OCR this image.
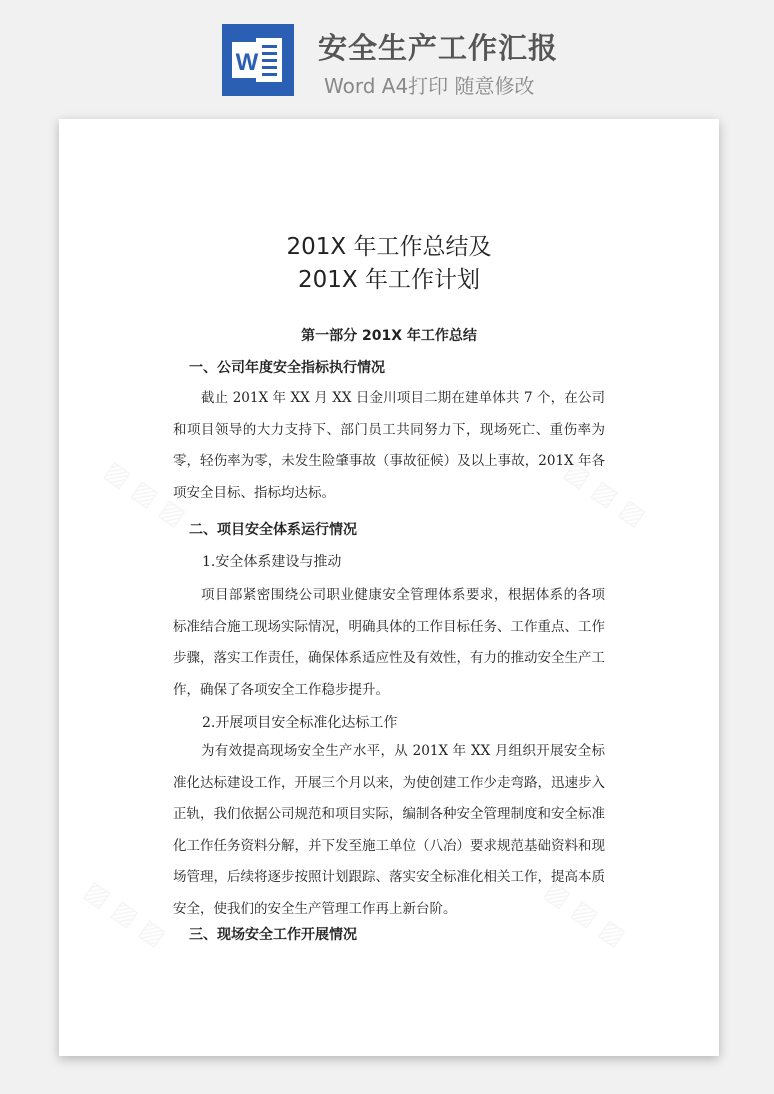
W 安全生产工作汇报
Word A4打印 随意修改
▨ ▨ ▨	▨ ▨ ▨
▨ ▨ ▨	▨ ▨ ▨
201X 年工作总结及
201X 年工作计划
第一部分 201X 年工作总结
一、公司年度安全指标执行情况
截止 201X 年 XX 月 XX 日金川项目二期在建单体共 7 个，在公司和项目领导的大力支持下、部门员工共同努力下，现场死亡、重伤率为零，轻伤率为零，未发生险肇事故（事故征候）及以上事故，201X 年各项安全目标、指标均达标。
二、项目安全体系运行情况
1.安全体系建设与推动
项目部紧密围绕公司职业健康安全管理体系要求，根据体系的各项标准结合施工现场实际情况，明确具体的工作目标任务、工作重点、工作步骤，落实工作责任，确保体系适应性及有效性，有力的推动安全生产工作，确保了各项安全工作稳步提升。
2.开展项目安全标准化达标工作
为有效提高现场安全生产水平，从 201X 年 XX 月组织开展安全标准化达标建设工作，开展三个月以来，为使创建工作少走弯路，迅速步入正轨，我们依据公司规范和项目实际，编制各种安全管理制度和安全标准化工作任务资料分解，并下发至施工单位（八冶）要求规范基础资料和现场管理，后续将逐步按照计划跟踪、落实安全标准化相关工作，提高本质安全，使我们的安全生产管理工作再上新台阶。
三、现场安全工作开展情况
